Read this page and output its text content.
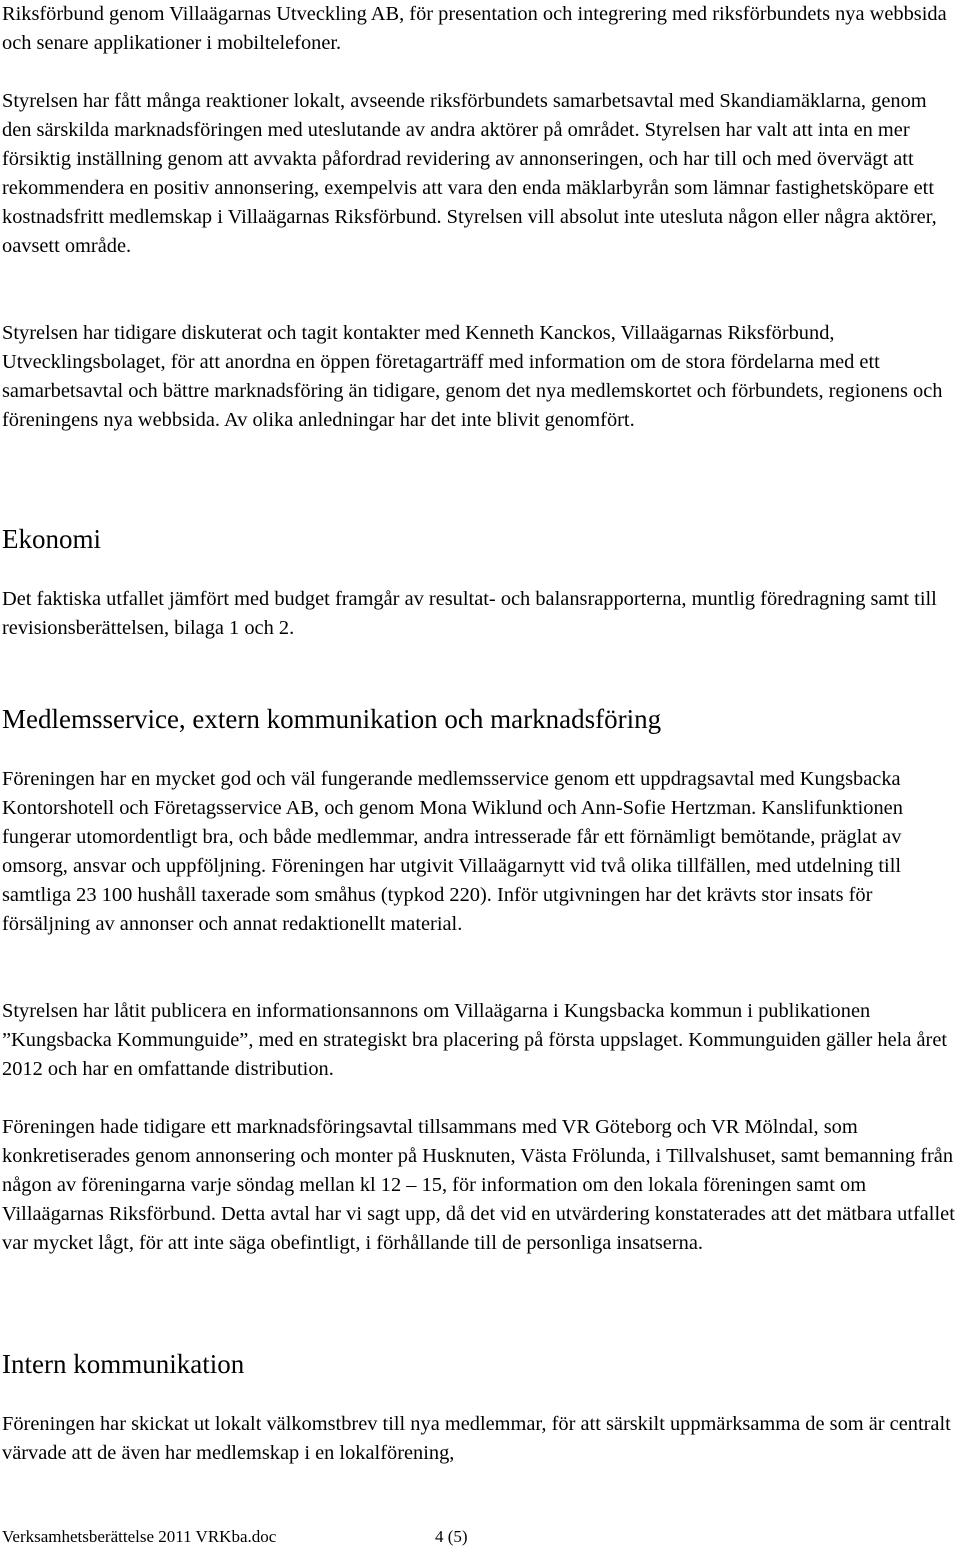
Riksförbund genom Villaägarnas Utveckling AB, för presentation och integrering med riksförbundets nya webbsida och senare applikationer i mobiltelefoner.

Styrelsen har fått många reaktioner lokalt, avseende riksförbundets samarbetsavtal med Skandiamäklarna, genom den särskilda marknadsföringen med uteslutande av andra aktörer på området. Styrelsen har valt att inta en mer försiktig inställning genom att avvakta påfordrad revidering av annonseringen, och har till och med övervägt att rekommendera en positiv annonsering, exempelvis att vara den enda mäklarbyrån som lämnar fastighetsköpare ett kostnadsfritt medlemskap i Villaägarnas Riksförbund. Styrelsen vill absolut inte utesluta någon eller några aktörer, oavsett område.

Styrelsen har tidigare diskuterat och tagit kontakter med Kenneth Kanckos, Villaägarnas Riksförbund, Utvecklingsbolaget, för att anordna en öppen företagarträff med information om de stora fördelarna med ett samarbetsavtal och bättre marknadsföring än tidigare, genom det nya medlemskortet och förbundets, regionens och föreningens nya webbsida. Av olika anledningar har det inte blivit genomfört.

Ekonomi

Det faktiska utfallet jämfört med budget framgår av resultat- och balansrapporterna, muntlig föredragning samt till revisionsberättelsen, bilaga 1 och 2.

Medlemsservice, extern kommunikation och marknadsföring

Föreningen har en mycket god och väl fungerande medlemsservice genom ett uppdragsavtal med Kungsbacka Kontorshotell och Företagsservice AB, och genom Mona Wiklund och Ann-Sofie Hertzman. Kanslifunktionen fungerar utomordentligt bra, och både medlemmar, andra intresserade får ett förnämligt bemötande, präglat av omsorg, ansvar och uppföljning. Föreningen har utgivit Villaägarnytt vid två olika tillfällen, med utdelning till samtliga 23 100 hushåll taxerade som småhus (typkod 220). Inför utgivningen har det krävts stor insats för försäljning av annonser och annat redaktionellt material.

Styrelsen har låtit publicera en informationsannons om Villaägarna i Kungsbacka kommun i publikationen ”Kungsbacka Kommunguide”, med en strategiskt bra placering på första uppslaget. Kommunguiden gäller hela året 2012 och har en omfattande distribution.

Föreningen hade tidigare ett marknadsföringsavtal tillsammans med VR Göteborg och VR Mölndal, som konkretiserades genom annonsering och monter på Husknuten, Västa Frölunda, i Tillvalshuset, samt bemanning från någon av föreningarna varje söndag mellan kl 12 – 15, för information om den lokala föreningen samt om Villaägarnas Riksförbund. Detta avtal har vi sagt upp, då det vid en utvärdering konstaterades att det mätbara utfallet var mycket lågt, för att inte säga obefintligt, i förhållande till de personliga insatserna.

Intern kommunikation

Föreningen har skickat ut lokalt välkomstbrev till nya medlemmar, för att särskilt uppmärksamma de som är centralt värvade att de även har medlemskap i en lokalförening,

Verksamhetsberättelse 2011 VRKba.doc	4 (5)
